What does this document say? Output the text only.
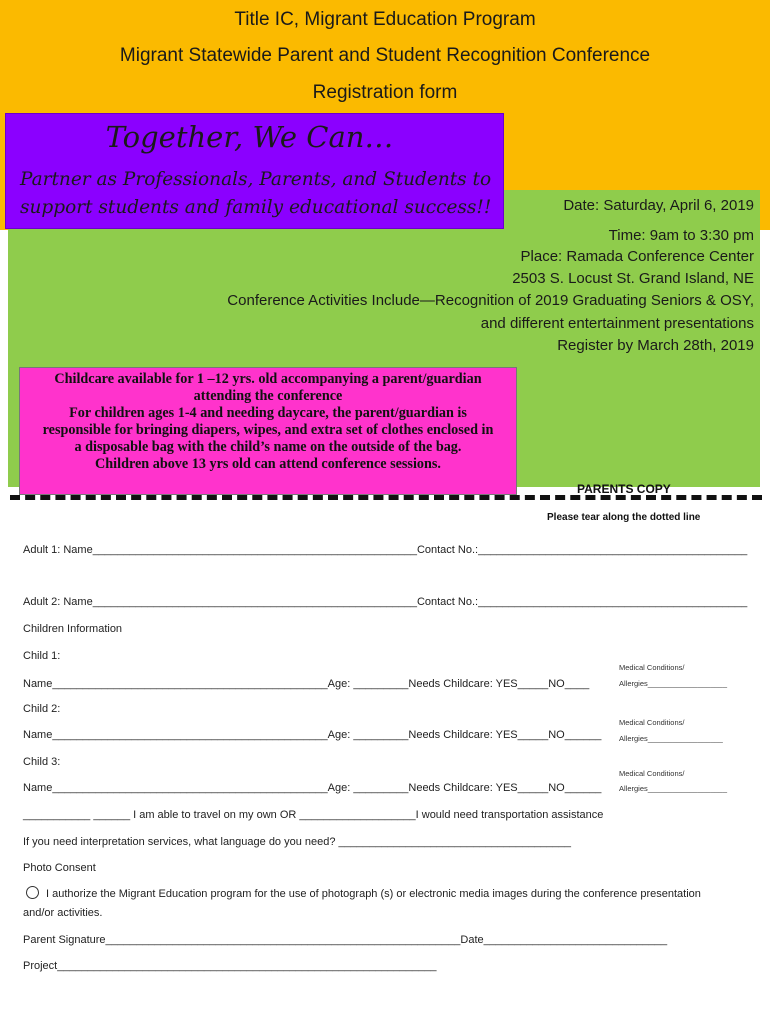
Title IC, Migrant Education Program
Migrant Statewide Parent and Student Recognition Conference
Registration form
Together, We Can…
Partner as Professionals, Parents, and Students to
support students and family educational success!!	Date: Saturday, April 6, 2019
Time: 9am to 3:30 pm
Place: Ramada Conference Center
2503 S. Locust St. Grand Island, NE
Conference Activities Include—Recognition of 2019 Graduating Seniors & OSY,
and different entertainment presentations
Register by March 28th, 2019
Childcare available for 1 –12 yrs. old accompanying a parent/guardian
attending the conference
For children ages 1-4 and needing daycare, the parent/guardian is
responsible for bringing diapers, wipes, and extra set of clothes enclosed in
a disposable bag with the child’s name on the outside of the bag.
Children above 13 yrs old can attend conference sessions.
PARENTS COPY
Please tear along the dotted line
Adult 1: Name_____________________________________________________Contact No.:____________________________________________
Adult 2: Name_____________________________________________________Contact No.:____________________________________________
Children Information
Child 1:
Medical Conditions/
Name_____________________________________________Age: _________Needs Childcare: YES_____NO____	Allergies___________________
Child 2:
Medical Conditions/
Name_____________________________________________Age: _________Needs Childcare: YES_____NO______ Allergies__________________
Child 3:
Medical Conditions/
Name_____________________________________________Age: _________Needs Childcare: YES_____NO______ Allergies___________________
___________ ______ I am able to travel on my own OR ___________________I would need transportation assistance
If you need interpretation services, what language do you need? ______________________________________
Photo Consent
I authorize the Migrant Education program for the use of photograph (s) or electronic media images during the conference presentation
and/or activities.
Parent Signature__________________________________________________________Date______________________________
Project______________________________________________________________
